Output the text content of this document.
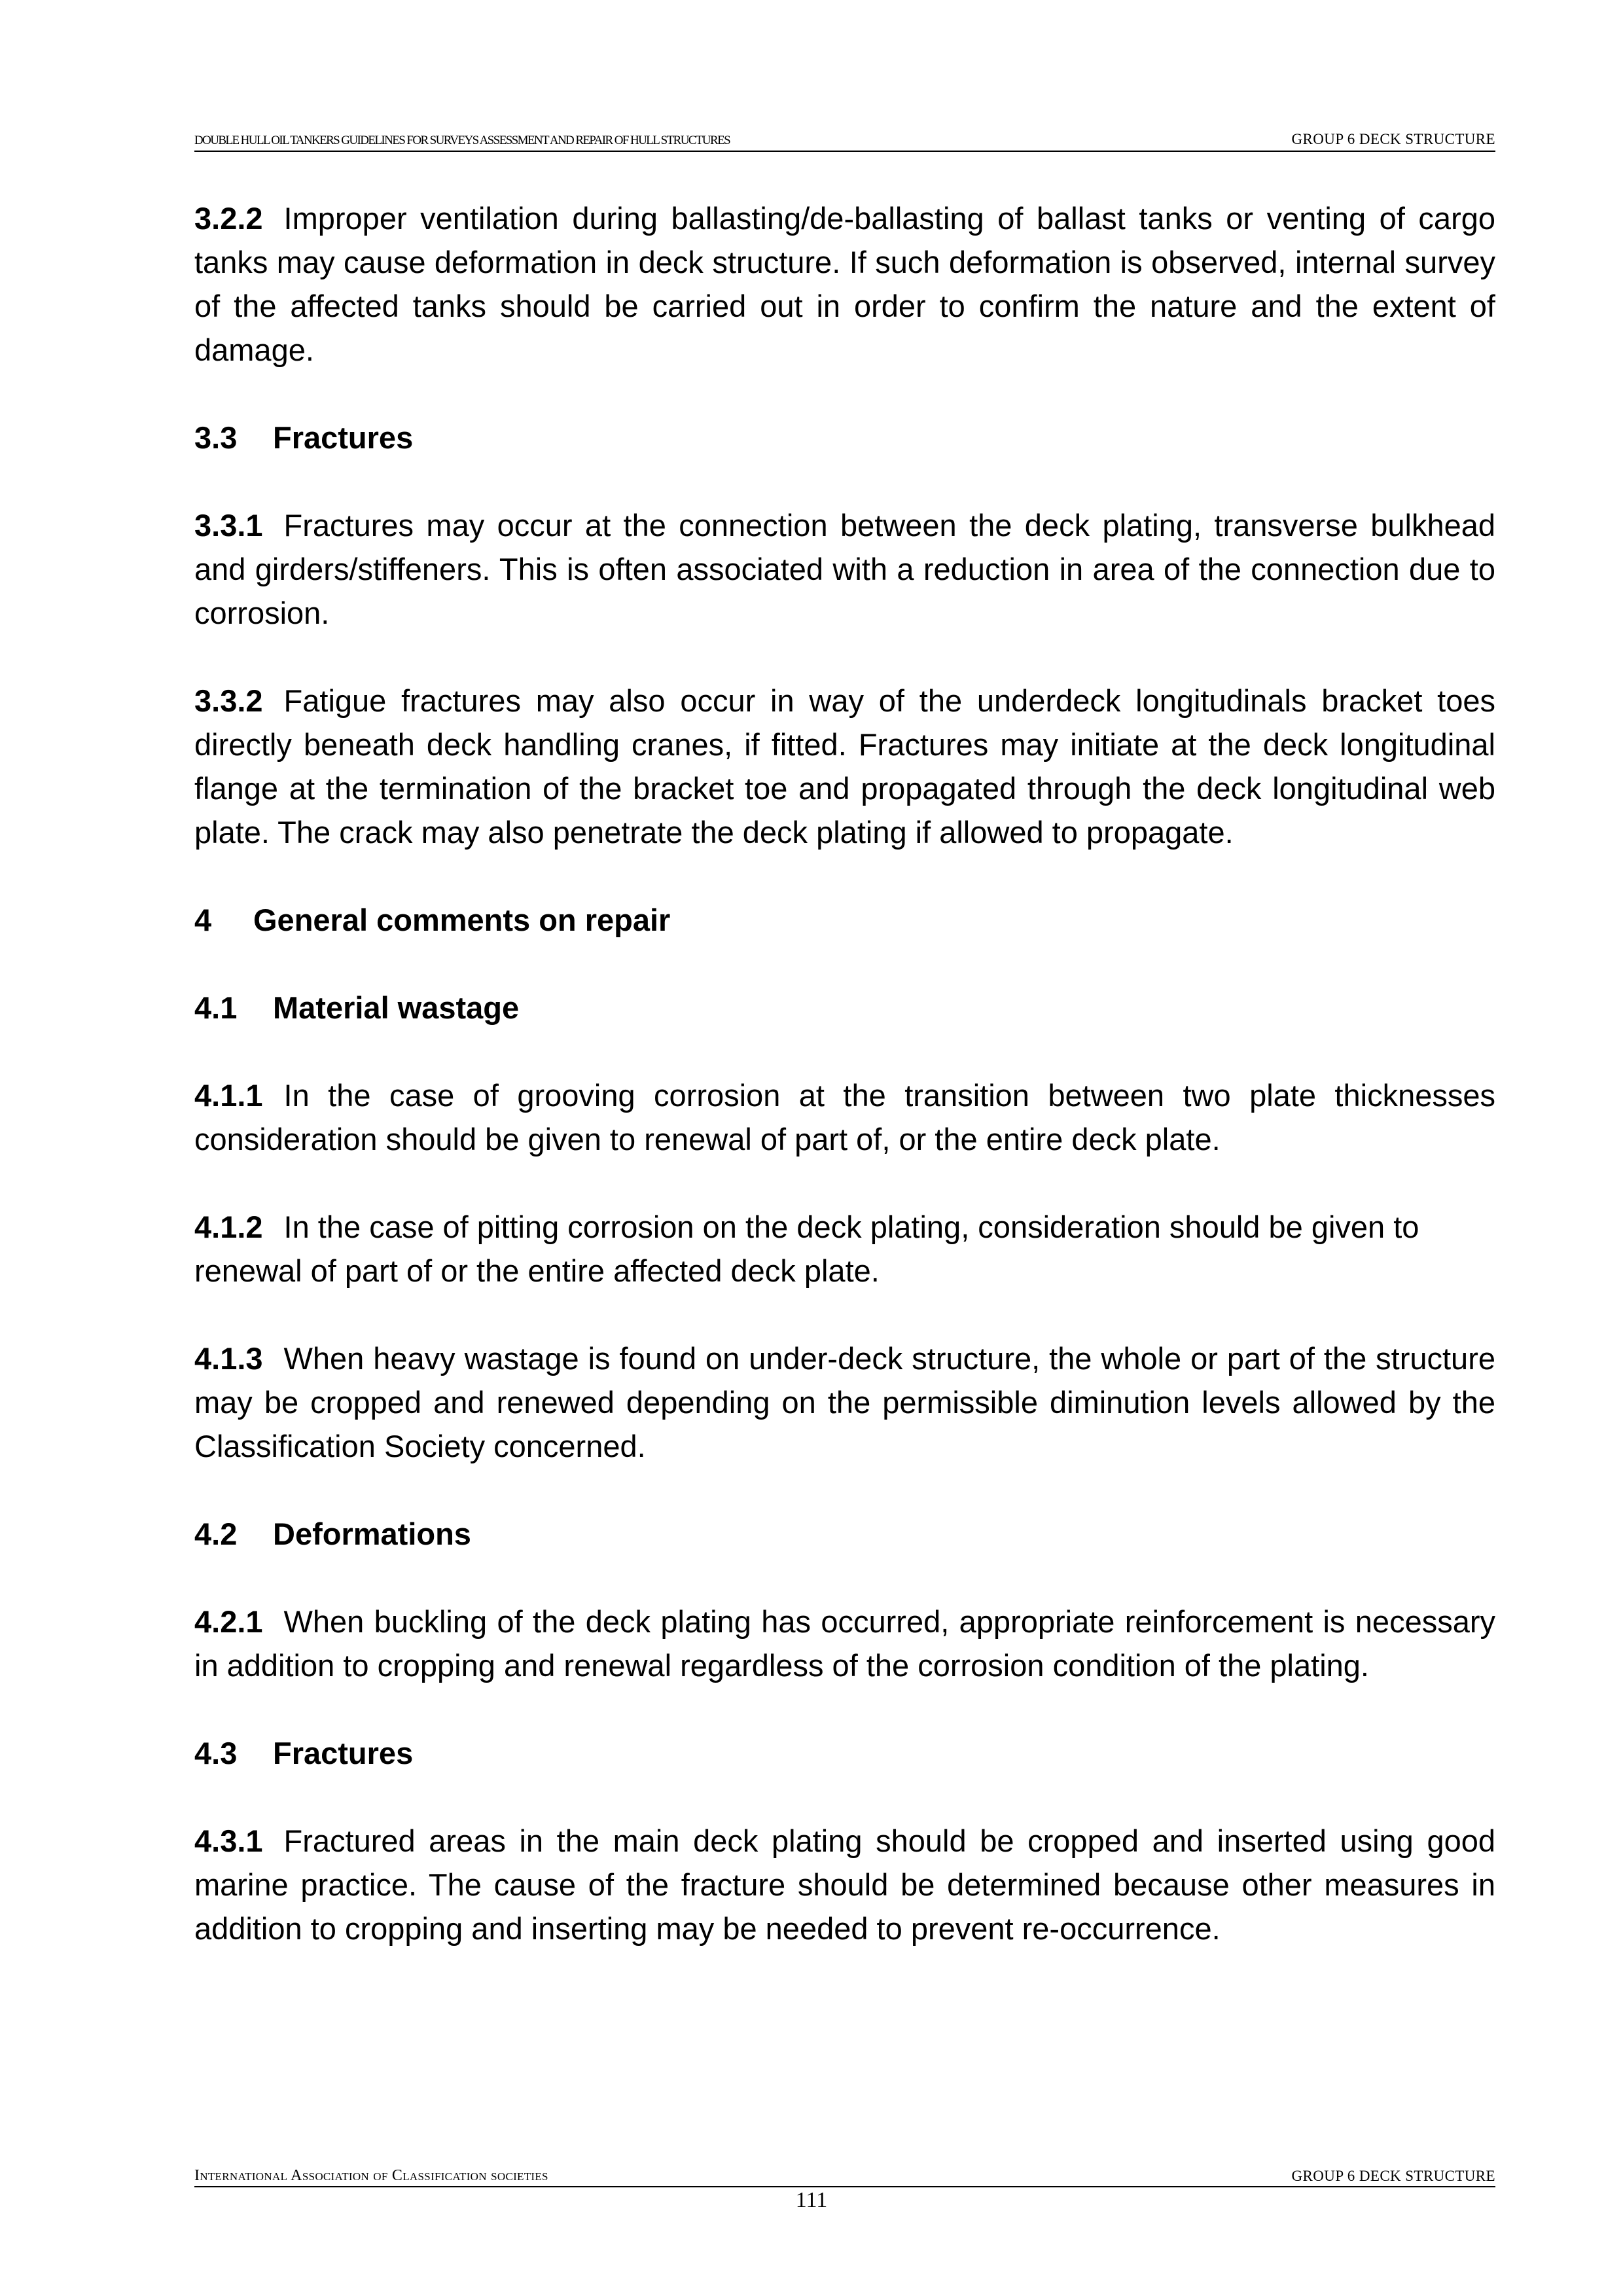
DOUBLE HULL OIL TANKERS GUIDELINES FOR SURVEYS ASSESSMENT AND REPAIR OF HULL STRUCTURES	GROUP 6 DECK STRUCTURE

3.2.2 Improper ventilation during ballasting/de-ballasting of ballast tanks or venting of cargo tanks may cause deformation in deck structure. If such deformation is observed, internal survey of the affected tanks should be carried out in order to confirm the nature and the extent of damage.

3.3 Fractures

3.3.1 Fractures may occur at the connection between the deck plating, transverse bulkhead and girders/stiffeners. This is often associated with a reduction in area of the connection due to corrosion.

3.3.2 Fatigue fractures may also occur in way of the underdeck longitudinals bracket toes directly beneath deck handling cranes, if fitted. Fractures may initiate at the deck longitudinal flange at the termination of the bracket toe and propagated through the deck longitudinal web plate. The crack may also penetrate the deck plating if allowed to propagate.

4 General comments on repair

4.1 Material wastage

4.1.1 In the case of grooving corrosion at the transition between two plate thicknesses consideration should be given to renewal of part of, or the entire deck plate.

4.1.2 In the case of pitting corrosion on the deck plating, consideration should be given to renewal of part of or the entire affected deck plate.

4.1.3 When heavy wastage is found on under-deck structure, the whole or part of the structure may be cropped and renewed depending on the permissible diminution levels allowed by the Classification Society concerned.

4.2 Deformations

4.2.1 When buckling of the deck plating has occurred, appropriate reinforcement is necessary in addition to cropping and renewal regardless of the corrosion condition of the plating.

4.3 Fractures

4.3.1 Fractured areas in the main deck plating should be cropped and inserted using good marine practice. The cause of the fracture should be determined because other measures in addition to cropping and inserting may be needed to prevent re-occurrence.

International Association of Classification societies	GROUP 6 DECK STRUCTURE
111
